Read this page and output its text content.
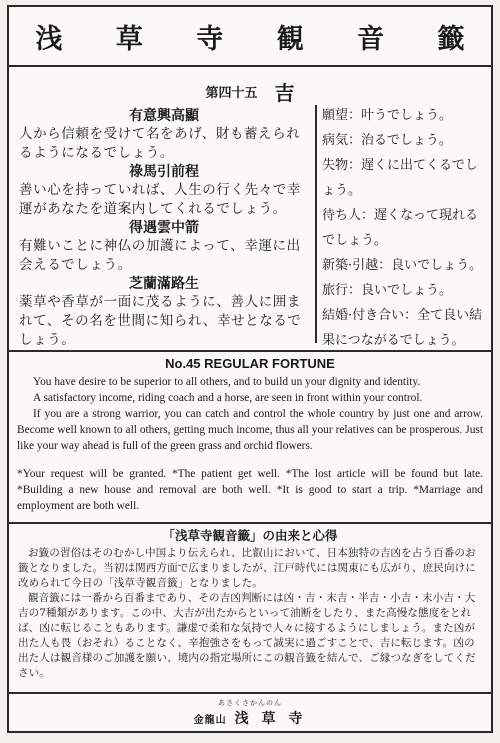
浅 草 寺 観 音 籤
第四十五 吉
有意興高顯
人から信頼を受けて名をあげ、財も蓄えられるようになるでしょう。
祿馬引前程
善い心を持っていれば、人生の行く先々で幸運があなたを道案内してくれるでしょう。
得遇雲中箭
有難いことに神仏の加護によって、幸運に出会えるでしょう。
芝蘭滿路生
薬草や香草が一面に茂るように、善人に囲まれて、その名を世間に知られ、幸せとなるでしょう。
願望：叶うでしょう。
病気：治るでしょう。
失物：遅くに出てくるでしょう。
待ち人：遅くなって現れるでしょう。
新築·引越：良いでしょう。
旅行：良いでしょう。
結婚·付き合い：全て良い結果につながるでしょう。
No.45 REGULAR FORTUNE

You have desire to be superior to all others, and to build un your dignity and identity.

A satisfactory income, riding coach and a horse, are seen in front within your control.

If you are a strong warrior, you can catch and control the whole country by just one and arrow. Become well known to all others, getting much income, thus all your relatives can be prosperous. Just like your way ahead is full of the green grass and orchid flowers.

*Your request will be granted. *The patient get well. *The lost article will be found but late. *Building a new house and removal are both well. *It is good to start a trip. *Marriage and employment are both well.

「浅草寺観音籤」の由来と心得

お籤の習俗はそのむかし中国より伝えられ、比叡山において、日本独特の吉凶を占う百番のお籤となりました。当初は関西方面で広まりましたが、江戸時代には関東にも広がり、庶民向けに改められて今日の「浅草寺観音籤」となりました。

観音籤には一番から百番まであり、その吉凶判断には凶・吉・末吉・半吉・小吉・末小吉・大吉の7種類があります。この中、大吉が出たからといって油断をしたり、また高慢な態度をとれば、凶に転じることもあります。謙虚で柔和な気持で人々に接するようにしましょう。また凶が出た人も畏（おそれ）ることなく、辛抱強さをもって誠実に過ごすことで、吉に転じます。凶の出た人は観音様のご加護を願い、境内の指定場所にこの観音籤を結んで、ご縁つなぎをしてください。

あさくさかんのん
金龍山 浅 草 寺
